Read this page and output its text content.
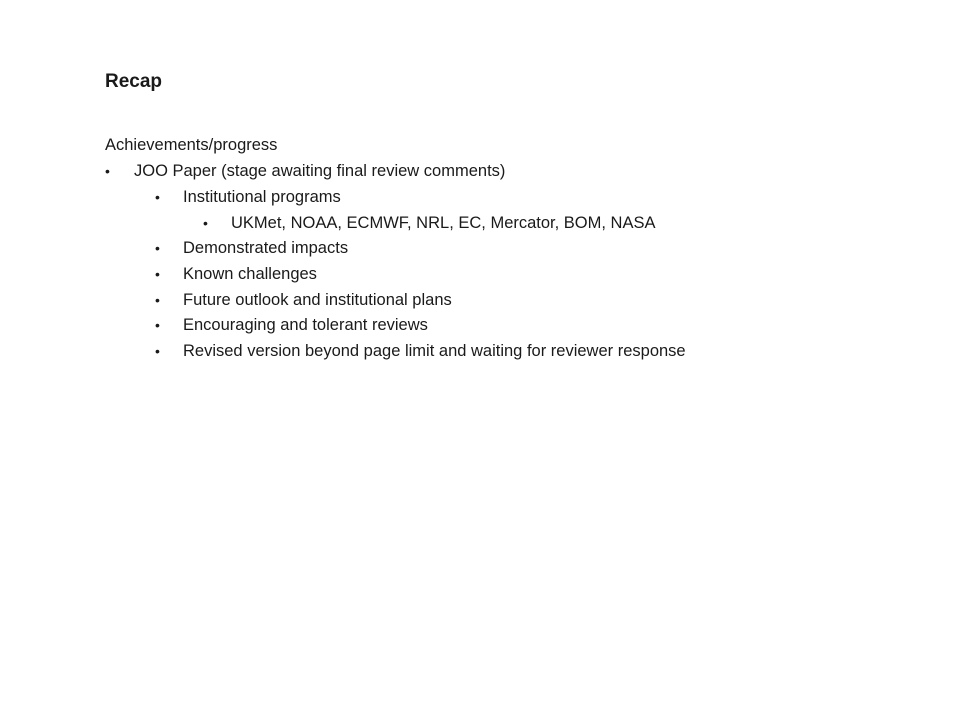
Recap
Achievements/progress
• JOO Paper (stage awaiting final review comments)
• Institutional programs
• UKMet, NOAA, ECMWF, NRL, EC, Mercator, BOM, NASA
• Demonstrated impacts
• Known challenges
• Future outlook and institutional plans
• Encouraging and tolerant reviews
• Revised version beyond page limit and waiting for reviewer response
